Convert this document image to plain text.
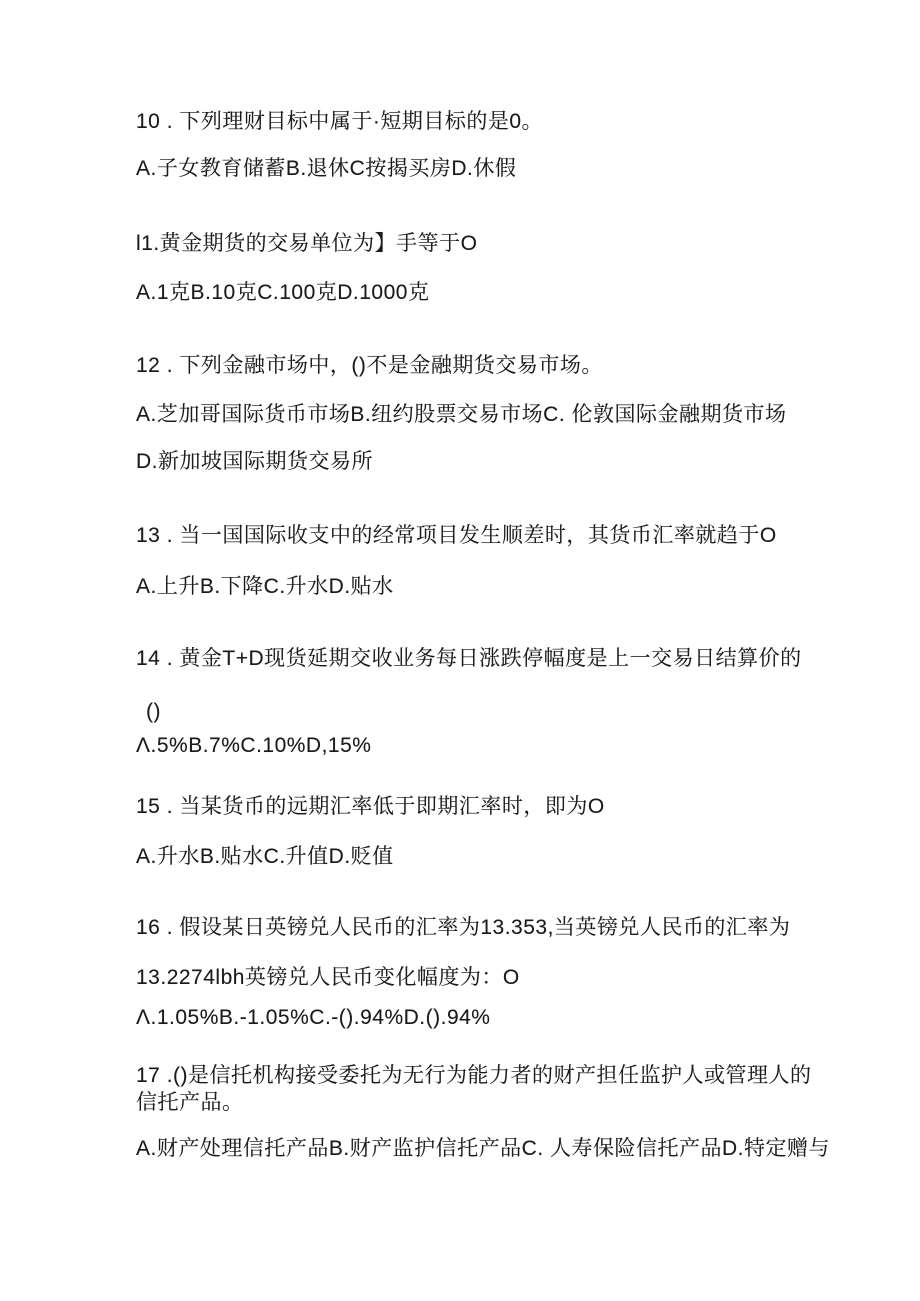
10 . 下列理财目标中属于·短期目标的是0。
A.子女教育储蓄B.退休C按揭买房D.休假
l1.黄金期货的交易单位为】手等于O
A.1克B.10克C.100克D.1000克
12 . 下列金融市场中，()不是金融期货交易市场。
A.芝加哥国际货币市场B.纽约股票交易市场C. 伦敦国际金融期货市场
D.新加坡国际期货交易所
13 . 当一国国际收支中的经常项目发生顺差时，其货币汇率就趋于O
A.上升B.下降C.升水D.贴水
14 . 黄金T+D现货延期交收业务每日涨跌停幅度是上一交易日结算价的
()
Λ.5%B.7%C.10%D,15%
15 . 当某货币的远期汇率低于即期汇率时，即为O
A.升水B.贴水C.升值D.贬值
16 . 假设某日英镑兑人民币的汇率为13.353,当英镑兑人民币的汇率为
13.2274lbh英镑兑人民币变化幅度为：O
Λ.1.05%B.-1.05%C.-().94%D.().94%
17 .()是信托机构接受委托为无行为能力者的财产担任监护人或管理人的
信托产品。
A.财产处理信托产品B.财产监护信托产品C. 人寿保险信托产品D.特定赠与
